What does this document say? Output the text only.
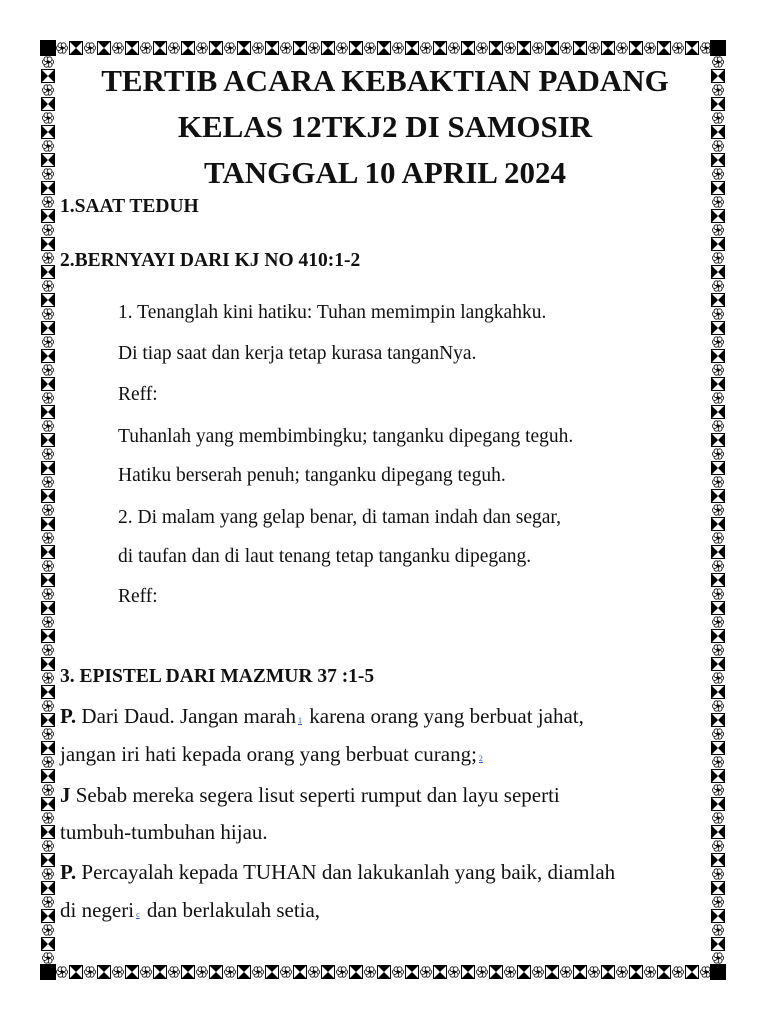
TERTIB ACARA KEBAKTIAN PADANG
KELAS 12TKJ2 DI SAMOSIR
TANGGAL 10 APRIL 2024
1.SAAT TEDUH
2.BERNYAYI DARI KJ NO 410:1-2
1. Tenanglah kini hatiku: Tuhan memimpin langkahku.
Di tiap saat dan kerja tetap kurasa tanganNya.
Reff:
Tuhanlah yang membimbingku; tanganku dipegang teguh.
Hatiku berserah penuh; tanganku dipegang teguh.
2. Di malam yang gelap benar, di taman indah dan segar,
di taufan dan di laut tenang tetap tanganku dipegang.
Reff:
3. EPISTEL DARI MAZMUR 37 :1-5
P. Dari Daud. Jangan marah 1 karena orang yang berbuat jahat,
jangan iri hati kepada orang yang berbuat curang; 2
J Sebab mereka segera lisut seperti rumput dan layu seperti
tumbuh-tumbuhan hijau.
P. Percayalah kepada TUHAN dan lakukanlah yang baik, diamlah
di negeri c dan berlakulah setia,
